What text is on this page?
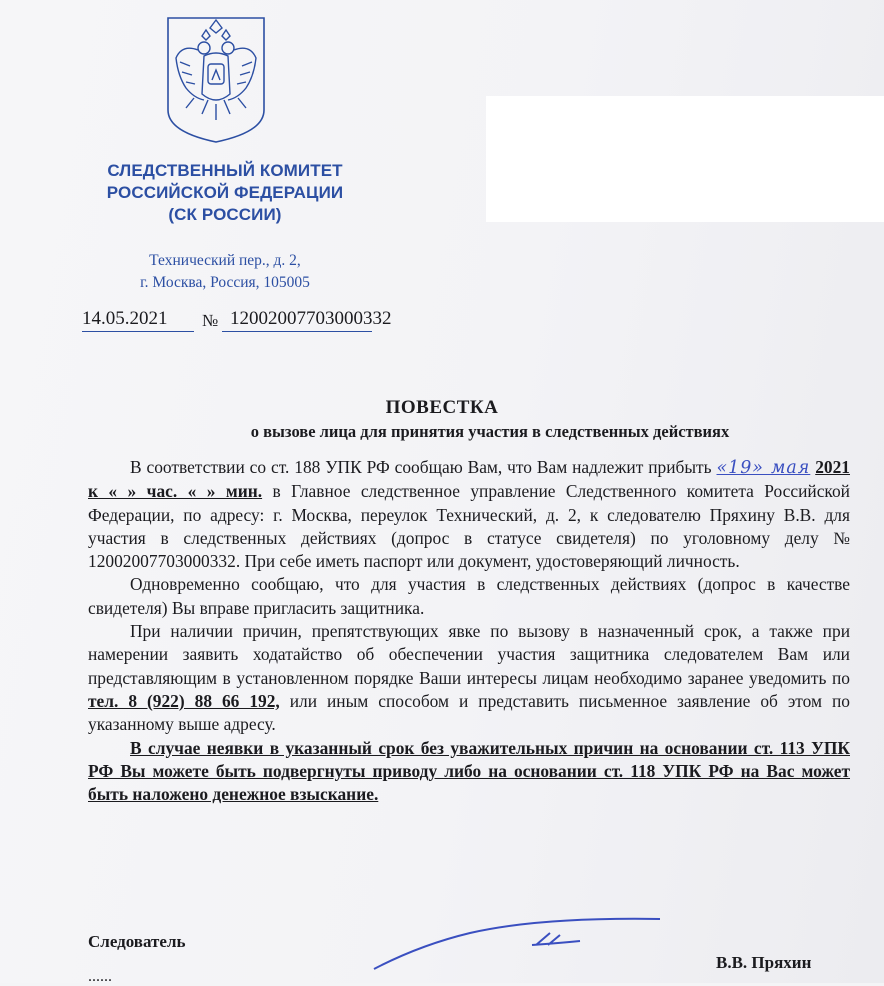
СЛЕДСТВЕННЫЙ КОМИТЕТ
РОССИЙСКОЙ ФЕДЕРАЦИИ
(СК РОССИИ)
Технический пер., д. 2,
г. Москва, Россия, 105005
14.05.2021 № 12002007703000332
ПОВЕСТКА
о вызове лица для принятия участия в следственных действиях

В соответствии со ст. 188 УПК РФ сообщаю Вам, что Вам надлежит прибыть «19» мая 2021 к « » час. « » мин. в Главное следственное управление Следственного комитета Российской Федерации, по адресу: г. Москва, переулок Технический, д. 2, к следователю Пряхину В.В. для участия в следственных действиях (допрос в статусе свидетеля) по уголовному делу № 12002007703000332. При себе иметь паспорт или документ, удостоверяющий личность.

Одновременно сообщаю, что для участия в следственных действиях (допрос в качестве свидетеля) Вы вправе пригласить защитника.

При наличии причин, препятствующих явке по вызову в назначенный срок, а также при намерении заявить ходатайство об обеспечении участия защитника следователем Вам или представляющим в установленном порядке Ваши интересы лицам необходимо заранее уведомить по тел. 8 (922) 88 66 192, или иным способом и представить письменное заявление об этом по указанному выше адресу.

В случае неявки в указанный срок без уважительных причин на основании ст. 113 УПК РФ Вы можете быть подвергнуты приводу либо на основании ст. 118 УПК РФ на Вас может быть наложено денежное взыскание.

Следователь
В.В. Пряхин
......
